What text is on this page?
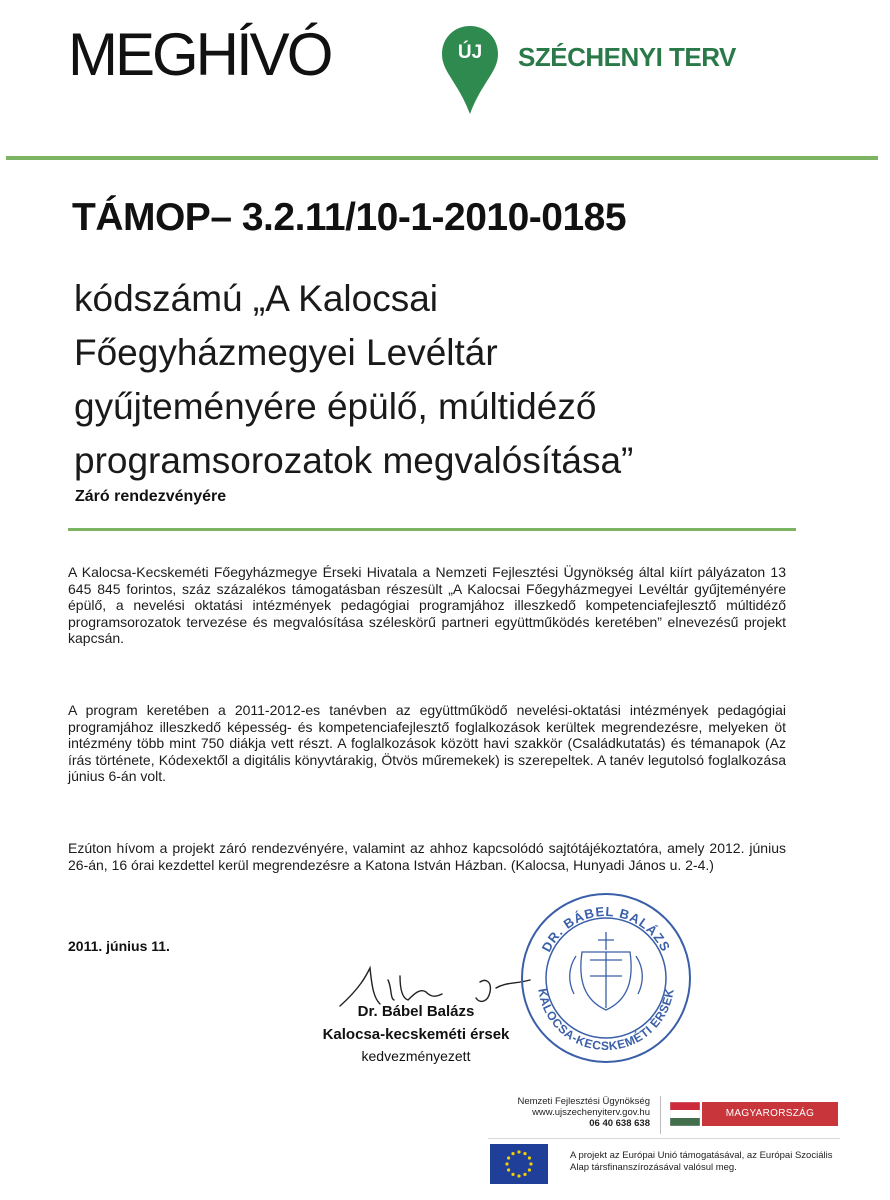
MEGHÍVÓ	ÚJ	SZÉCHENYI TERV
TÁMOP– 3.2.11/10-1-2010-0185
kódszámú „A Kalocsai
Főegyházmegyei Levéltár
gyűjteményére épülő, múltidéző
programsorozatok megvalósítása”
Záró rendezvényére
A Kalocsa-Kecskeméti Főegyházmegye Érseki Hivatala a Nemzeti Fejlesztési Ügynökség által kiírt pályázaton 13 645 845 forintos, száz százalékos támogatásban részesült „A Kalocsai Főegyházmegyei Levéltár gyűjteményére épülő, a nevelési oktatási intézmények pedagógiai programjához illeszkedő kompetenciafejlesztő múltidéző programsorozatok tervezése és megvalósítása széleskörű partneri együttműködés keretében” elnevezésű projekt kapcsán.
A program keretében a 2011-2012-es tanévben az együttműködő nevelési-oktatási intézmények pedagógiai programjához illeszkedő képesség- és kompetenciafejlesztő foglalkozások kerültek megrendezésre, melyeken öt intézmény több mint 750 diákja vett részt. A foglalkozások között havi szakkör (Családkutatás) és témanapok (Az írás története, Kódexektől a digitális könyvtárakig, Ötvös műremekek) is szerepeltek. A tanév legutolsó foglalkozása június 6-án volt.
Ezúton hívom a projekt záró rendezvényére, valamint az ahhoz kapcsolódó sajtótájékoztatóra, amely 2012. június 26-án, 16 órai kezdettel kerül megrendezésre a Katona István Házban. (Kalocsa, Hunyadi János u. 2-4.)
2011. június 11.
Dr. Bábel Balázs
Kalocsa-kecskeméti érsek
kedvezményezett
DR. BÁBEL BALÁZS
KALOCSA-KECSKEMÉTI ÉRSEK
Nemzeti Fejlesztési Ügynökség
www.ujszechenyiterv.gov.hu
06 40 638 638
MAGYARORSZÁG
A projekt az Európai Unió támogatásával, az Európai Szociális Alap társfinanszírozásával valósul meg.
